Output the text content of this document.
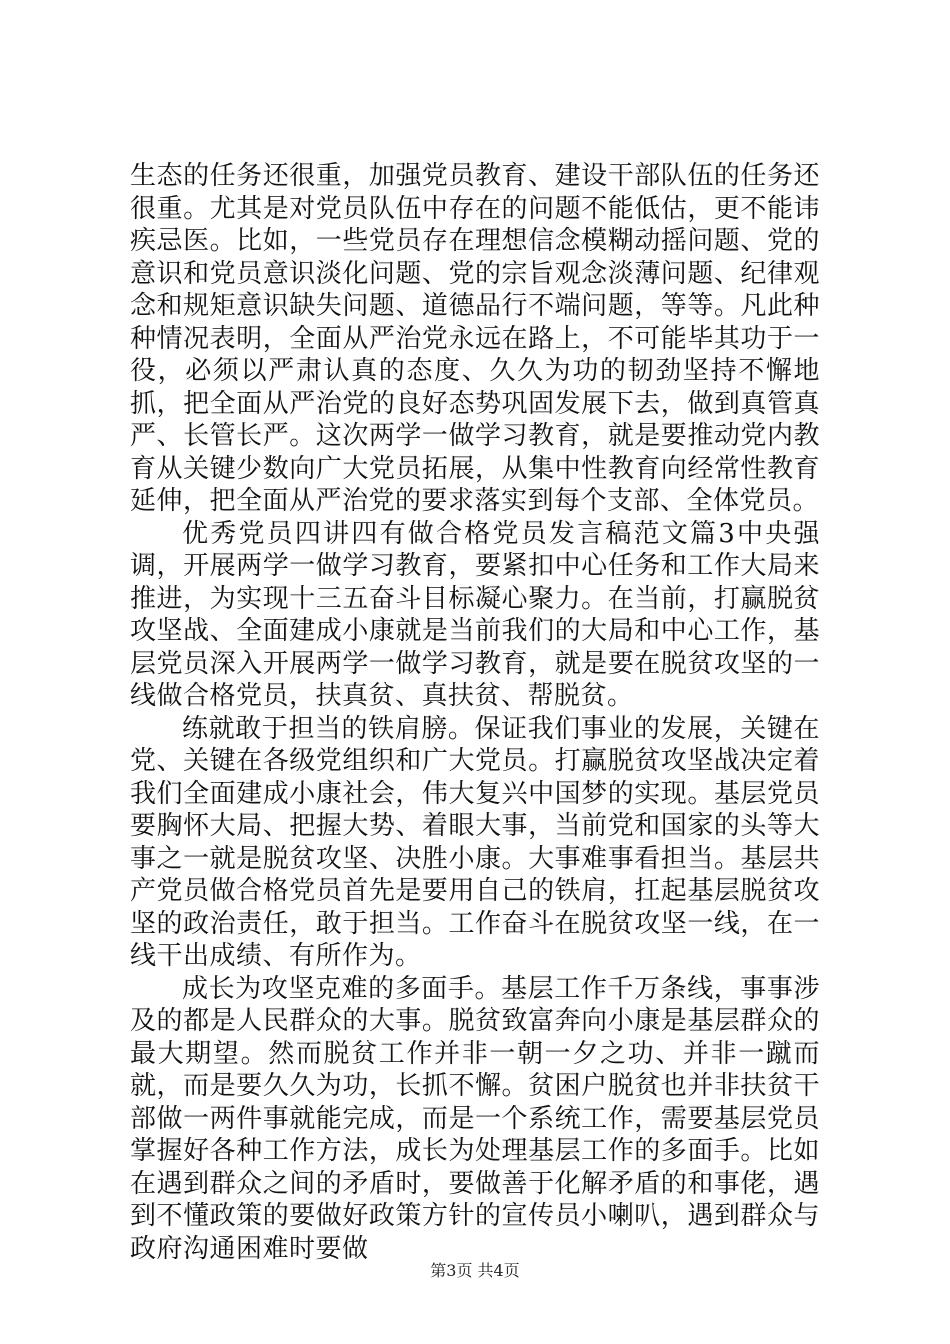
生态的任务还很重，加强党员教育、建设干部队伍的任务还很重。尤其是对党员队伍中存在的问题不能低估，更不能讳疾忌医。比如，一些党员存在理想信念模糊动摇问题、党的意识和党员意识淡化问题、党的宗旨观念淡薄问题、纪律观念和规矩意识缺失问题、道德品行不端问题，等等。凡此种种情况表明，全面从严治党永远在路上，不可能毕其功于一役，必须以严肃认真的态度、久久为功的韧劲坚持不懈地抓，把全面从严治党的良好态势巩固发展下去，做到真管真严、长管长严。这次两学一做学习教育，就是要推动党内教育从关键少数向广大党员拓展，从集中性教育向经常性教育延伸，把全面从严治党的要求落实到每个支部、全体党员。

优秀党员四讲四有做合格党员发言稿范文篇3中央强调，开展两学一做学习教育，要紧扣中心任务和工作大局来推进，为实现十三五奋斗目标凝心聚力。在当前，打赢脱贫攻坚战、全面建成小康就是当前我们的大局和中心工作，基层党员深入开展两学一做学习教育，就是要在脱贫攻坚的一线做合格党员，扶真贫、真扶贫、帮脱贫。

练就敢于担当的铁肩膀。保证我们事业的发展，关键在党、关键在各级党组织和广大党员。打赢脱贫攻坚战决定着我们全面建成小康社会，伟大复兴中国梦的实现。基层党员要胸怀大局、把握大势、着眼大事，当前党和国家的头等大事之一就是脱贫攻坚、决胜小康。大事难事看担当。基层共产党员做合格党员首先是要用自己的铁肩，扛起基层脱贫攻坚的政治责任，敢于担当。工作奋斗在脱贫攻坚一线，在一线干出成绩、有所作为。

成长为攻坚克难的多面手。基层工作千万条线，事事涉及的都是人民群众的大事。脱贫致富奔向小康是基层群众的最大期望。然而脱贫工作并非一朝一夕之功、并非一蹴而就，而是要久久为功，长抓不懈。贫困户脱贫也并非扶贫干部做一两件事就能完成，而是一个系统工作，需要基层党员掌握好各种工作方法，成长为处理基层工作的多面手。比如在遇到群众之间的矛盾时，要做善于化解矛盾的和事佬，遇到不懂政策的要做好政策方针的宣传员小喇叭，遇到群众与政府沟通困难时要做

第3页 共4页
